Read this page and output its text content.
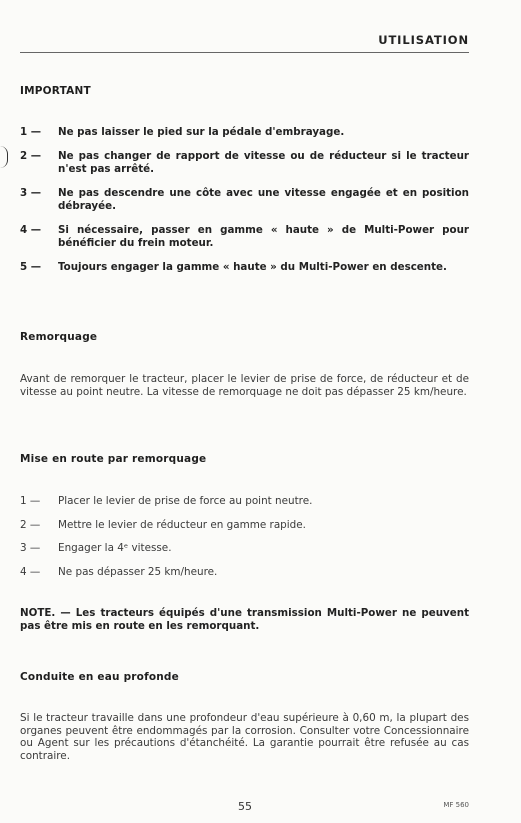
UTILISATION
IMPORTANT
1 —	Ne pas laisser le pied sur la pédale d'embrayage.
2 —	Ne pas changer de rapport de vitesse ou de réducteur si le tracteur n'est pas arrêté.
3 —	Ne pas descendre une côte avec une vitesse engagée et en position débrayée.
4 —	Si nécessaire, passer en gamme « haute » de Multi-Power pour bénéficier du frein moteur.
5 —	Toujours engager la gamme « haute » du Multi-Power en descente.
Remorquage
Avant de remorquer le tracteur, placer le levier de prise de force, de réducteur et de vitesse au point neutre. La vitesse de remorquage ne doit pas dépasser 25 km/heure.
Mise en route par remorquage
1 —	Placer le levier de prise de force au point neutre.
2 —	Mettre le levier de réducteur en gamme rapide.
3 —	Engager la 4ᵉ vitesse.
4 —	Ne pas dépasser 25 km/heure.
NOTE. — Les tracteurs équipés d'une transmission Multi-Power ne peuvent pas être mis en route en les remorquant.
Conduite en eau profonde
Si le tracteur travaille dans une profondeur d'eau supérieure à 0,60 m, la plupart des organes peuvent être endommagés par la corrosion. Consulter votre Concessionnaire ou Agent sur les précautions d'étanchéité. La garantie pourrait être refusée au cas contraire.
55	MF 560
